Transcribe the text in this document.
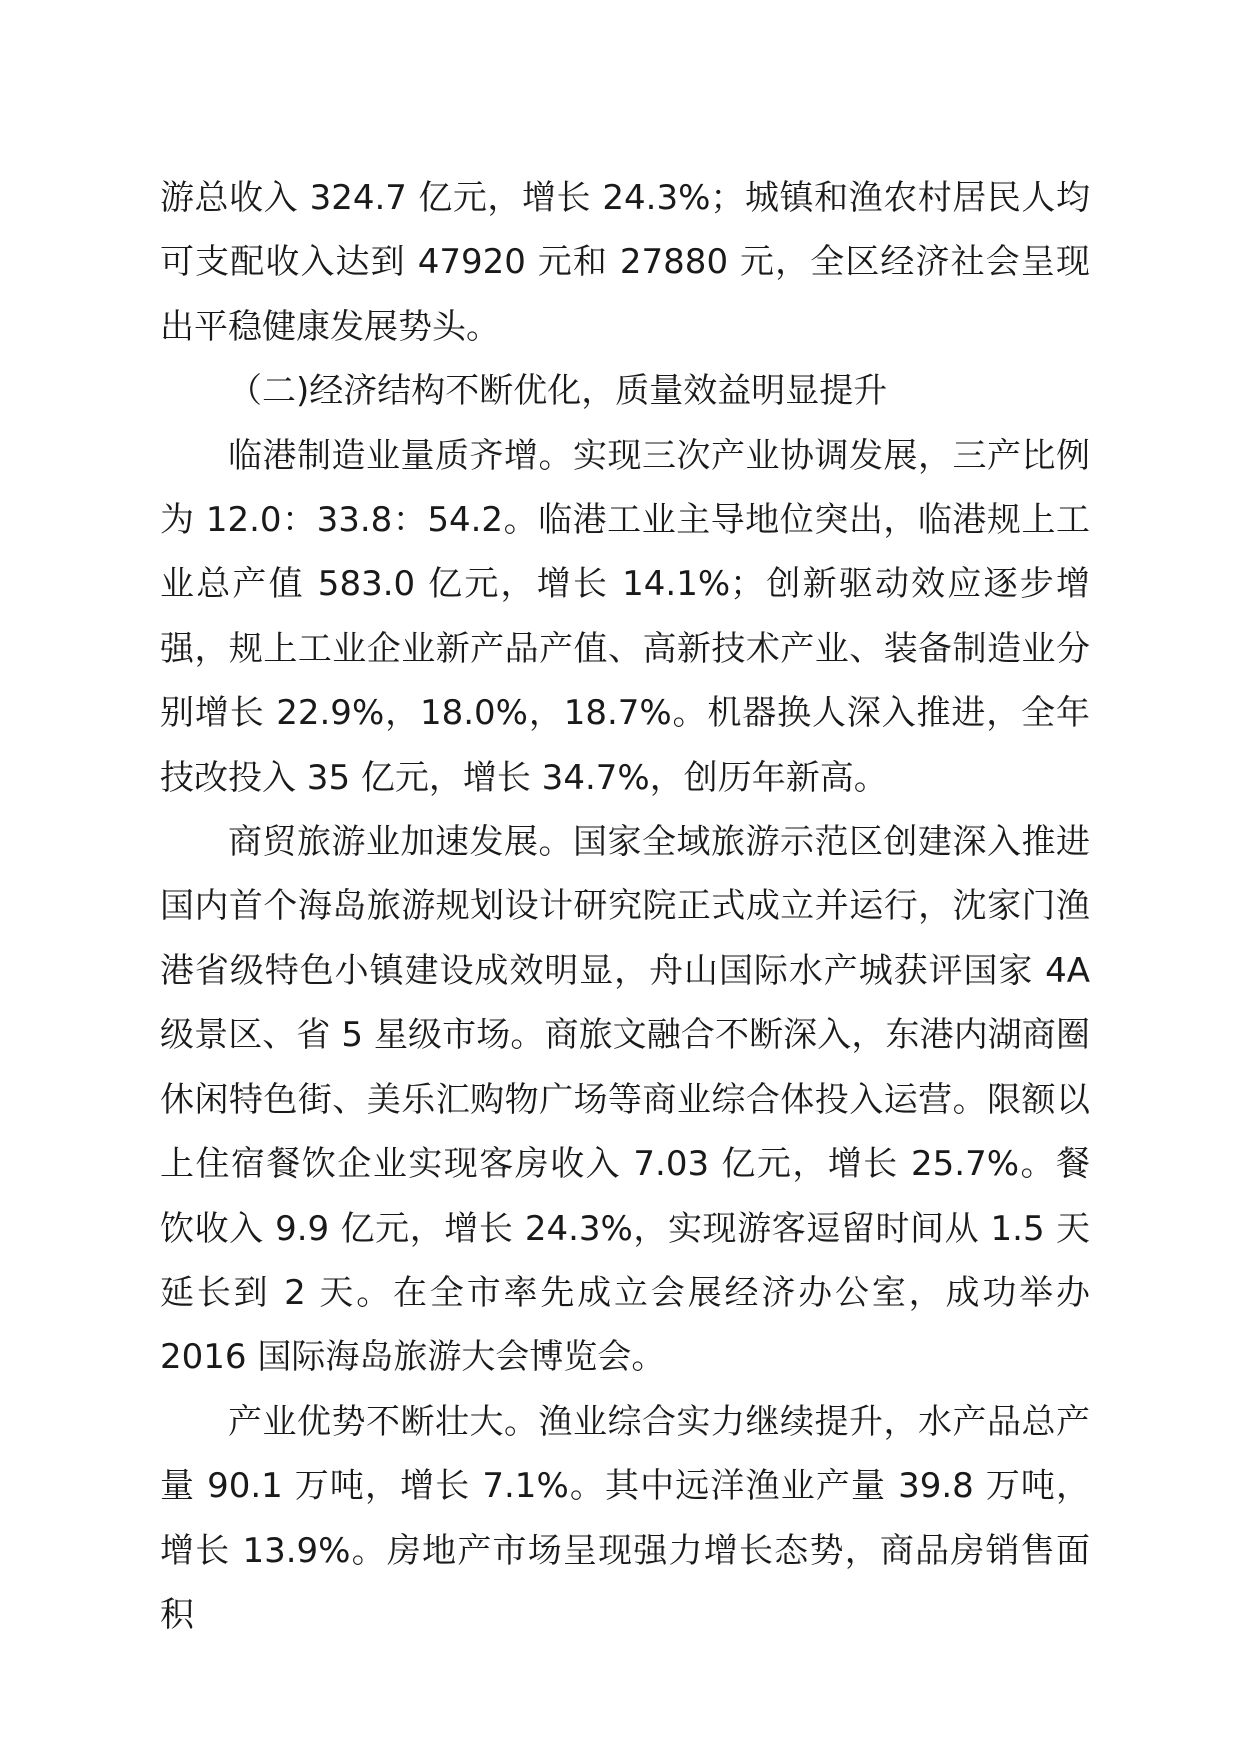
游总收入 324.7 亿元，增长 24.3%；城镇和渔农村居民人均可支配收入达到 47920 元和 27880 元，全区经济社会呈现出平稳健康发展势头。

（二)经济结构不断优化，质量效益明显提升

临港制造业量质齐增。实现三次产业协调发展，三产比例为 12.0：33.8：54.2。临港工业主导地位突出，临港规上工业总产值 583.0 亿元，增长 14.1%；创新驱动效应逐步增强，规上工业企业新产品产值、高新技术产业、装备制造业分别增长 22.9%，18.0%，18.7%。机器换人深入推进，全年技改投入 35 亿元，增长 34.7%，创历年新高。

商贸旅游业加速发展。国家全域旅游示范区创建深入推进国内首个海岛旅游规划设计研究院正式成立并运行，沈家门渔港省级特色小镇建设成效明显，舟山国际水产城获评国家 4A 级景区、省 5 星级市场。商旅文融合不断深入，东港内湖商圈休闲特色街、美乐汇购物广场等商业综合体投入运营。限额以上住宿餐饮企业实现客房收入 7.03 亿元，增长 25.7%。餐饮收入 9.9 亿元，增长 24.3%，实现游客逗留时间从 1.5 天延长到 2 天。在全市率先成立会展经济办公室，成功举办 2016 国际海岛旅游大会博览会。

产业优势不断壮大。渔业综合实力继续提升，水产品总产量 90.1 万吨，增长 7.1%。其中远洋渔业产量 39.8 万吨，增长 13.9%。房地产市场呈现强力增长态势，商品房销售面积
